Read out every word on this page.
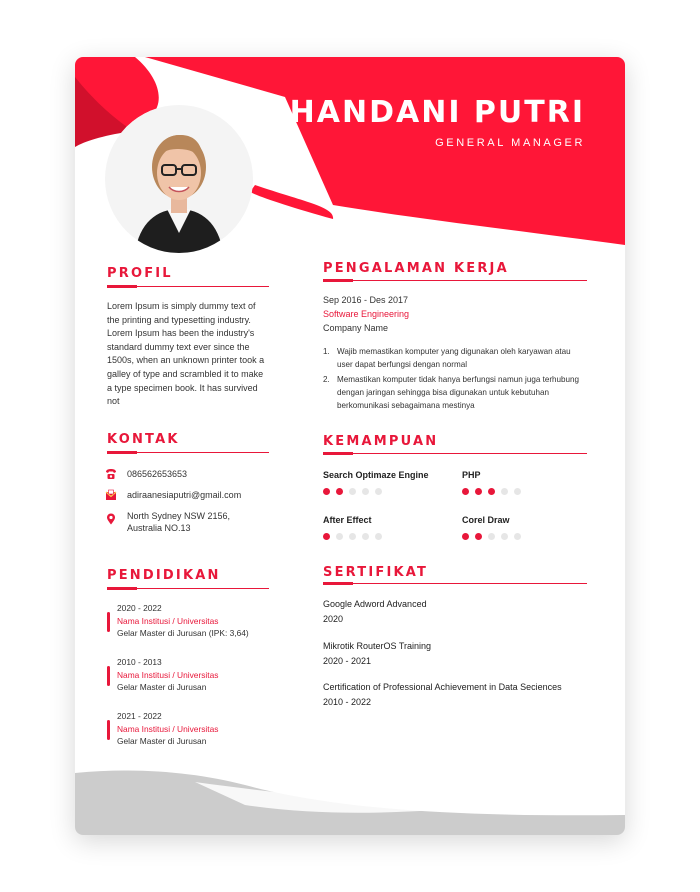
CHANDANI PUTRI
GENERAL MANAGER
PROFIL
Lorem Ipsum is simply dummy text of
the printing and typesetting industry.
Lorem Ipsum has been the industry's
standard dummy text ever since the
1500s, when an unknown printer took a
galley of type and scrambled it to make
a type specimen book. It has survived
not
KONTAK
086562653653
adiraanesiaputri@gmail.com
North Sydney NSW 2156,
Australia NO.13
PENDIDIKAN
2020 - 2022
Nama Institusi / Universitas
Gelar Master di Jurusan (IPK: 3,64)
2010 - 2013
Nama Institusi / Universitas
Gelar Master di Jurusan
2021 - 2022
Nama Institusi / Universitas
Gelar Master di Jurusan
PENGALAMAN KERJA
Sep 2016 - Des 2017
Software Engineering
Company Name
1. Wajib memastikan komputer yang digunakan oleh karyawan atau
user dapat berfungsi dengan normal
2. Memastikan komputer tidak hanya berfungsi namun juga terhubung
dengan jaringan sehingga bisa digunakan untuk kebutuhan
berkomunikasi sebagaimana mestinya
KEMAMPUAN
Search Optimaze Engine	PHP
After Effect	Corel Draw
SERTIFIKAT
Google Adword Advanced
2020
Mikrotik RouterOS Training
2020 - 2021
Certification of Professional Achievement in Data Seciences
2010 - 2022
